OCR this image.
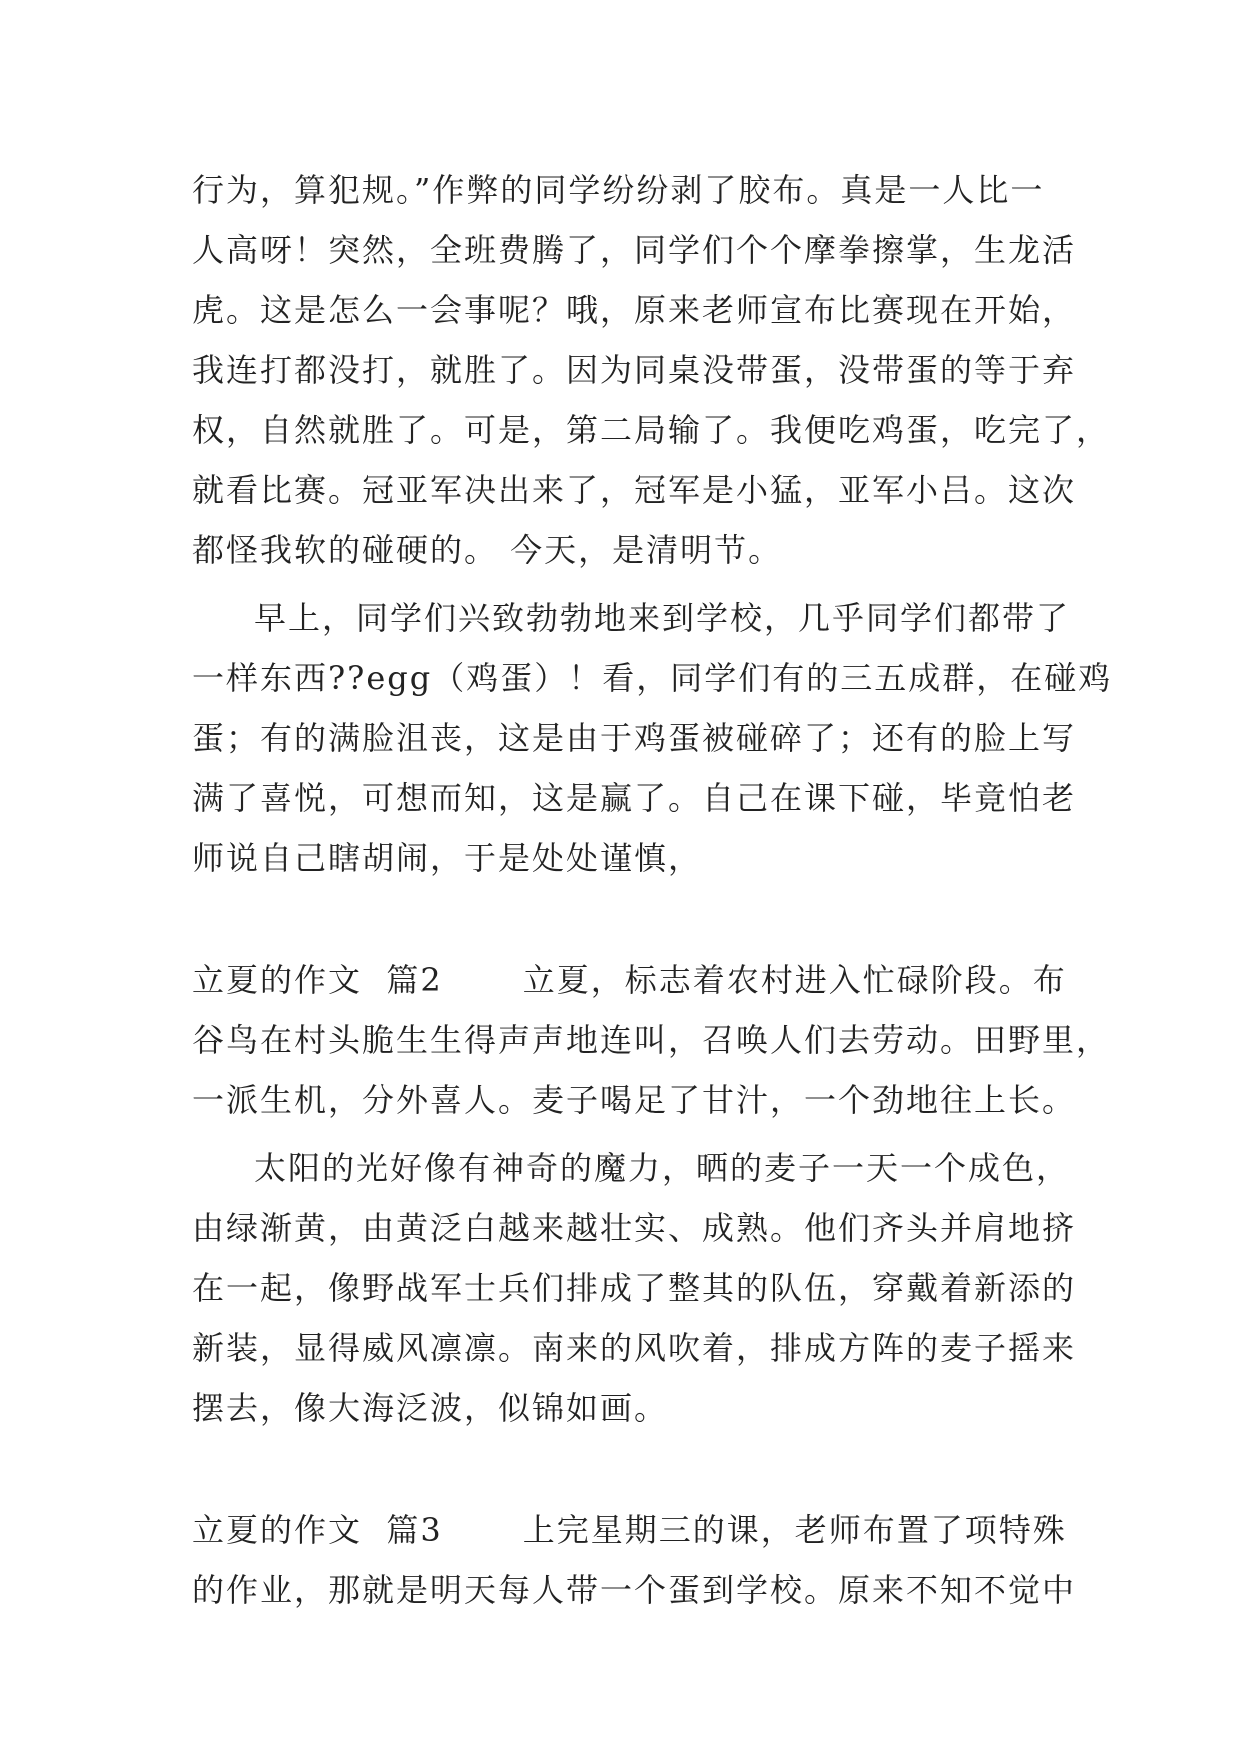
行为，算犯规。”作弊的同学纷纷剥了胶布。真是一人比一
人高呀！突然，全班费腾了，同学们个个摩拳擦掌，生龙活
虎。这是怎么一会事呢？哦，原来老师宣布比赛现在开始，
我连打都没打，就胜了。因为同桌没带蛋，没带蛋的等于弃
权，自然就胜了。可是，第二局输了。我便吃鸡蛋，吃完了，
就看比赛。冠亚军决出来了，冠军是小猛，亚军小吕。这次
都怪我软的碰硬的。 今天，是清明节。
早上，同学们兴致勃勃地来到学校，几乎同学们都带了
一样东西??egg（鸡蛋）！看，同学们有的三五成群，在碰鸡
蛋；有的满脸沮丧，这是由于鸡蛋被碰碎了；还有的脸上写
满了喜悦，可想而知，这是赢了。自己在课下碰，毕竟怕老
师说自己瞎胡闹，于是处处谨慎，
立夏的作文  篇2	立夏，标志着农村进入忙碌阶段。布
谷鸟在村头脆生生得声声地连叫，召唤人们去劳动。田野里，
一派生机，分外喜人。麦子喝足了甘汁，一个劲地往上长。
太阳的光好像有神奇的魔力，晒的麦子一天一个成色，
由绿渐黄，由黄泛白越来越壮实、成熟。他们齐头并肩地挤
在一起，像野战军士兵们排成了整其的队伍，穿戴着新添的
新装，显得威风凛凛。南来的风吹着，排成方阵的麦子摇来
摆去，像大海泛波，似锦如画。
立夏的作文  篇3	上完星期三的课，老师布置了项特殊
的作业，那就是明天每人带一个蛋到学校。原来不知不觉中
